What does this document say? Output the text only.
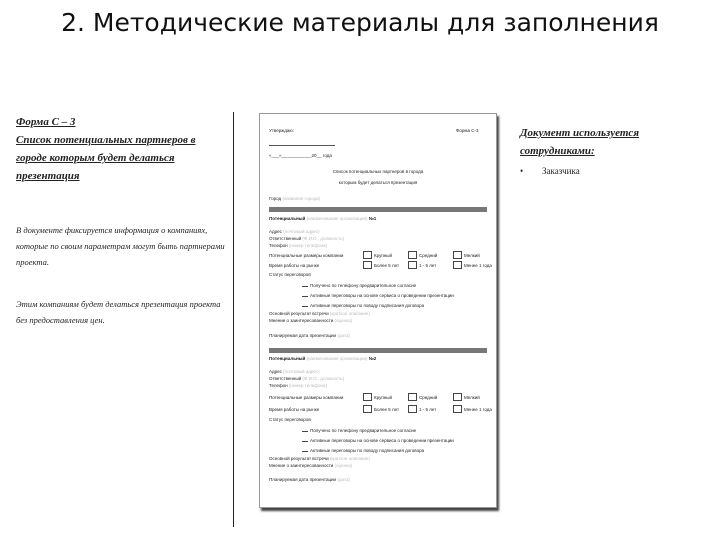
2. Методические материалы для заполнения
Форма С – 3
Список потенциальных партнеров в городе которым будет делаться презентация
В документе фиксируется информация о компаниях, которые по своим параметрам могут быть партнерами проекта.
Этим компаниям будет делаться презентация проекта без предоставления цен.
Утверждаю:	Форма С-3
«___»____________20__ года
Список потенциальных партнеров в города
которым будет делаться презентация
Город (название города)
Потенциальный (наименование организации) №1
Адрес (почтовый адрес)
Ответственный (Ф.И.О., должность)
Телефон (номер телефона)
Потенциальные размеры компании	Крупный	Средний	Мелкий
Время работы на рынке	Более 5 лет	1 - 5 лет	Менее 1 года
Статус переговоров
Получено по телефону предварительное согласие
Активные переговоры на основе сервиса о проведении презентации
Активные переговоры по поводу подписания договора
Основной результат встречи (краткое описание)
Мнение о заинтересованности (оценка)
Планируемая дата презентации (дата)
Потенциальный (наименование организации) №2
Адрес (почтовый адрес)
Ответственный (Ф.И.О., должность)
Телефон (номер телефона)
Потенциальные размеры компании	Крупный	Средний	Мелкий
Время работы на рынке	Более 5 лет	1 - 5 лет	Менее 1 года
Статус переговоров
Получено по телефону предварительное согласие
Активные переговоры на основе сервиса о проведении презентации
Активные переговоры по поводу подписания договора
Основной результат встречи (краткое описание)
Мнение о заинтересованности (оценка)
Планируемая дата презентации (дата)
Документ используется сотрудниками:
• Заказчика
